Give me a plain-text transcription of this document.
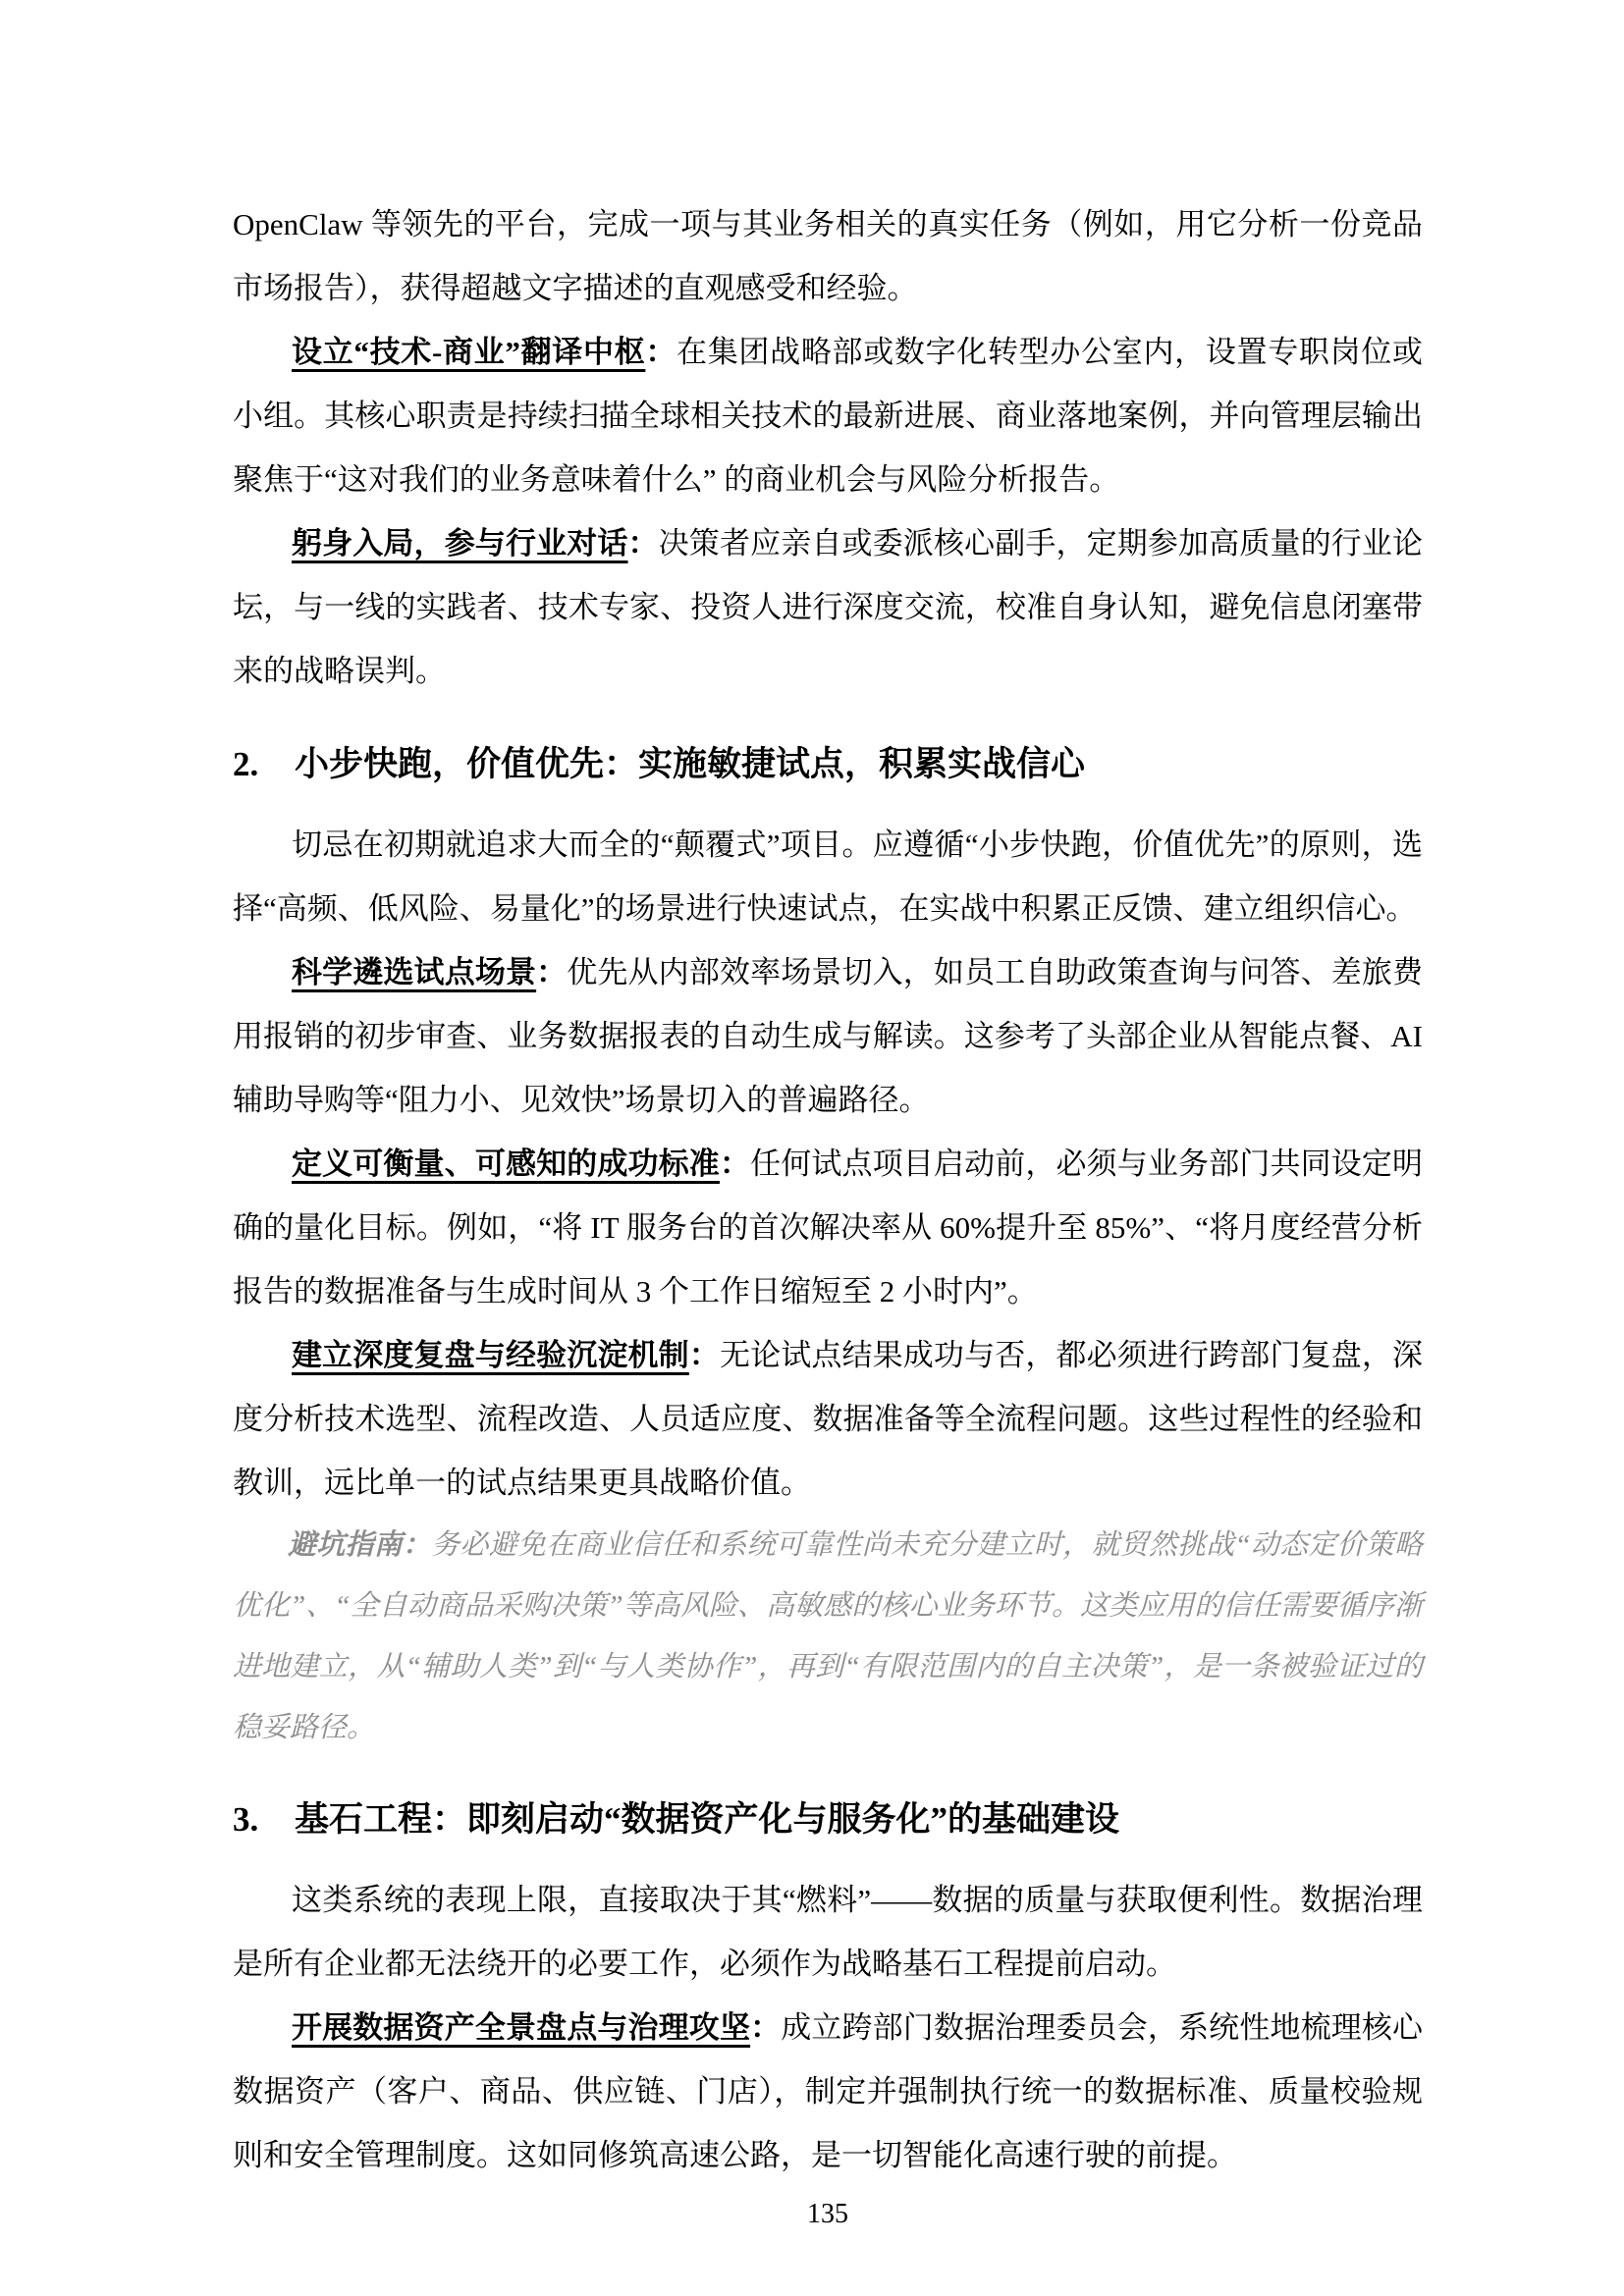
OpenClaw 等领先的平台，完成一项与其业务相关的真实任务（例如，用它分析一份竞品市场报告），获得超越文字描述的直观感受和经验。

设立“技术-商业”翻译中枢：在集团战略部或数字化转型办公室内，设置专职岗位或小组。其核心职责是持续扫描全球相关技术的最新进展、商业落地案例，并向管理层输出聚焦于“这对我们的业务意味着什么” 的商业机会与风险分析报告。

躬身入局，参与行业对话：决策者应亲自或委派核心副手，定期参加高质量的行业论坛，与一线的实践者、技术专家、投资人进行深度交流，校准自身认知，避免信息闭塞带来的战略误判。

2. 小步快跑，价值优先：实施敏捷试点，积累实战信心

切忌在初期就追求大而全的“颠覆式”项目。应遵循“小步快跑，价值优先”的原则，选择“高频、低风险、易量化”的场景进行快速试点，在实战中积累正反馈、建立组织信心。

科学遴选试点场景：优先从内部效率场景切入，如员工自助政策查询与问答、差旅费用报销的初步审查、业务数据报表的自动生成与解读。这参考了头部企业从智能点餐、AI 辅助导购等“阻力小、见效快”场景切入的普遍路径。

定义可衡量、可感知的成功标准：任何试点项目启动前，必须与业务部门共同设定明确的量化目标。例如，“将 IT 服务台的首次解决率从 60%提升至 85%”、“将月度经营分析报告的数据准备与生成时间从 3 个工作日缩短至 2 小时内”。

建立深度复盘与经验沉淀机制：无论试点结果成功与否，都必须进行跨部门复盘，深度分析技术选型、流程改造、人员适应度、数据准备等全流程问题。这些过程性的经验和教训，远比单一的试点结果更具战略价值。

避坑指南：务必避免在商业信任和系统可靠性尚未充分建立时，就贸然挑战“动态定价策略优化”、“全自动商品采购决策”等高风险、高敏感的核心业务环节。这类应用的信任需要循序渐进地建立，从“辅助人类”到“与人类协作”，再到“有限范围内的自主决策”，是一条被验证过的稳妥路径。

3. 基石工程：即刻启动“数据资产化与服务化”的基础建设

这类系统的表现上限，直接取决于其“燃料”——数据的质量与获取便利性。数据治理是所有企业都无法绕开的必要工作，必须作为战略基石工程提前启动。

开展数据资产全景盘点与治理攻坚：成立跨部门数据治理委员会，系统性地梳理核心数据资产（客户、商品、供应链、门店），制定并强制执行统一的数据标准、质量校验规则和安全管理制度。这如同修筑高速公路，是一切智能化高速行驶的前提。

135
